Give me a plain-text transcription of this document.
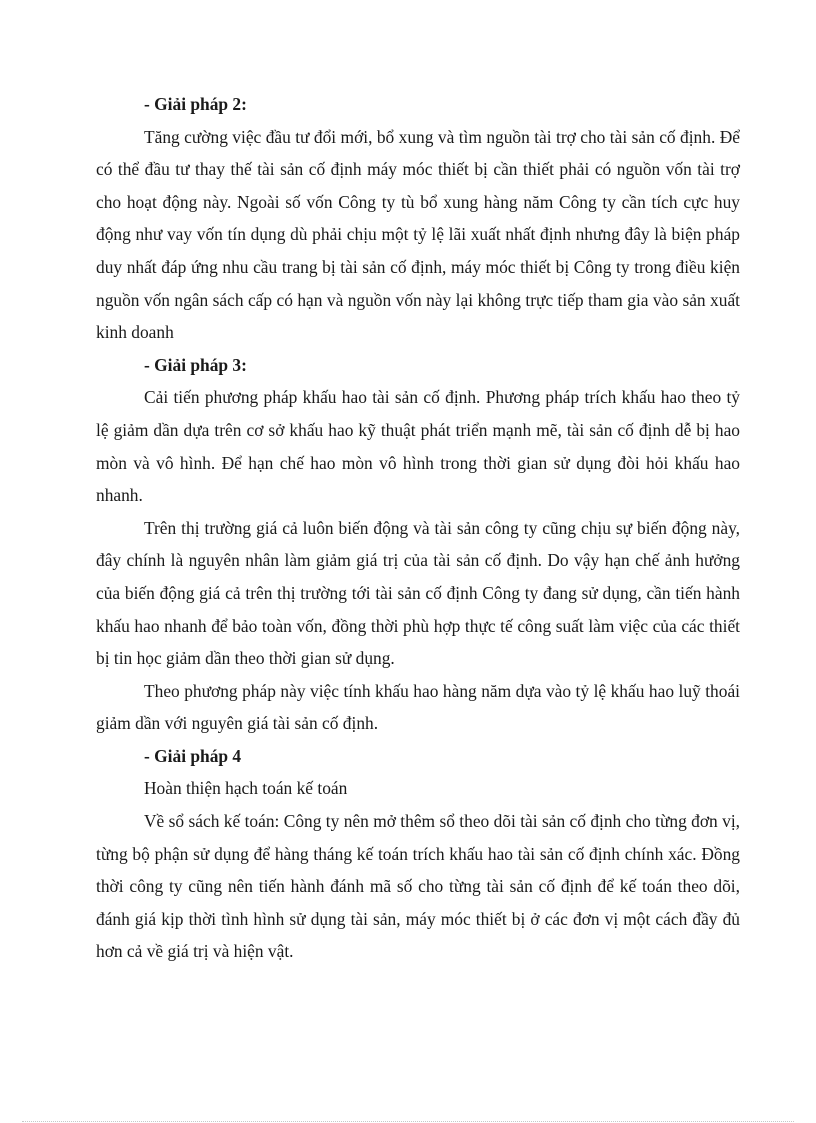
- Giải pháp 2:

Tăng cường việc đầu tư đổi mới, bổ xung và tìm nguồn tài trợ cho tài sản cố định. Để có thể đầu tư thay thế tài sản cố định máy móc thiết bị cần thiết phải có nguồn vốn tài trợ cho hoạt động này. Ngoài số vốn Công ty tù bổ xung hàng năm Công ty cần tích cực huy động như vay vốn tín dụng dù phải chịu một tỷ lệ lãi xuất nhất định nhưng đây là biện pháp duy nhất đáp ứng nhu cầu trang bị tài sản cố định, máy móc thiết bị Công ty trong điều kiện nguồn vốn ngân sách cấp có hạn và nguồn vốn này lại không trực tiếp tham gia vào sản xuất kinh doanh

- Giải pháp 3:

Cải tiến phương pháp khấu hao tài sản cố định. Phương pháp trích khấu hao theo tỷ lệ giảm dần dựa trên cơ sở khấu hao kỹ thuật phát triển mạnh mẽ, tài sản cố định dễ bị hao mòn và vô hình. Để hạn chế hao mòn vô hình trong thời gian sử dụng đòi hỏi khấu hao nhanh.

Trên thị trường giá cả luôn biến động và tài sản công ty cũng chịu sự biến động này, đây chính là nguyên nhân làm giảm giá trị của tài sản cố định. Do vậy hạn chế ảnh hưởng của biến động giá cả trên thị trường tới tài sản cố định Công ty đang sử dụng, cần tiến hành khấu hao nhanh để bảo toàn vốn, đồng thời phù hợp thực tế công suất làm việc của các thiết bị tin học giảm dần theo thời gian sử dụng.

Theo phương pháp này việc tính khấu hao hàng năm dựa vào tỷ lệ khấu hao luỹ thoái giảm dần với nguyên giá tài sản cố định.

- Giải pháp 4

Hoàn thiện hạch toán kế toán

Về sổ sách kế toán: Công ty nên mở thêm sổ theo dõi tài sản cố định cho từng đơn vị, từng bộ phận sử dụng để hàng tháng kế toán trích khấu hao tài sản cố định chính xác. Đồng thời công ty cũng nên tiến hành đánh mã số cho từng tài sản cố định để kế toán theo dõi, đánh giá kịp thời tình hình sử dụng tài sản, máy móc thiết bị ở các đơn vị một cách đầy đủ hơn cả về giá trị và hiện vật.
